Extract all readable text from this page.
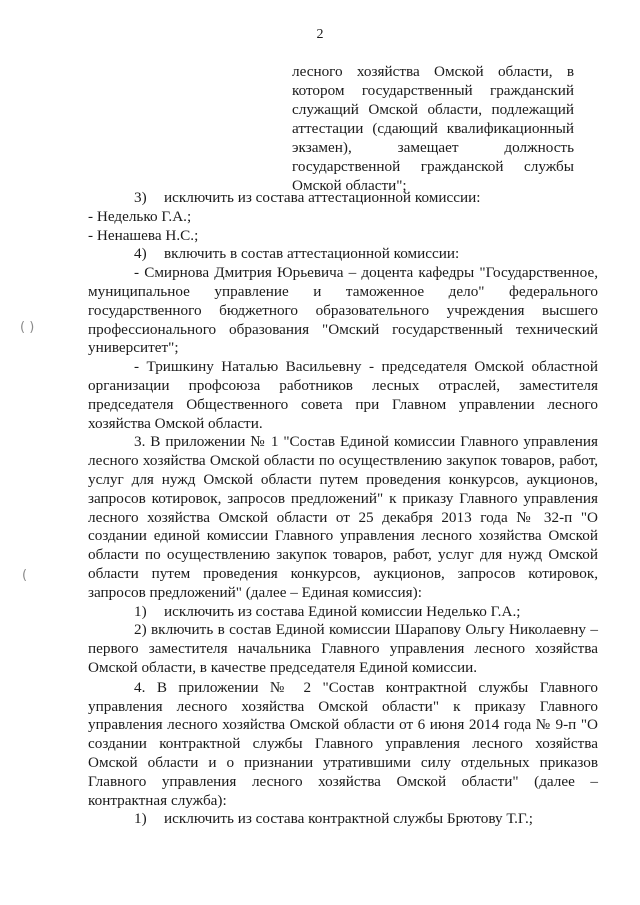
2
лесного хозяйства Омской области, в котором государственный гражданский служащий Омской области, подлежащий аттестации (сдающий квалификационный экзамен), замещает должность государственной гражданской службы Омской области";

3) исключить из состава аттестационной комиссии:

- Неделько Г.А.;

- Ненашева Н.С.;

4) включить в состав аттестационной комиссии:

- Смирнова Дмитрия Юрьевича – доцента кафедры "Государственное, муниципальное управление и таможенное дело" федерального государственного бюджетного образовательного учреждения высшего профессионального образования "Омский государственный технический университет";

- Тришкину Наталью Васильевну - председателя Омской областной организации профсоюза работников лесных отраслей, заместителя председателя Общественного совета при Главном управлении лесного хозяйства Омской области.

3. В приложении № 1 "Состав Единой комиссии Главного управления лесного хозяйства Омской области по осуществлению закупок товаров, работ, услуг для нужд Омской области путем проведения конкурсов, аукционов, запросов котировок, запросов предложений" к приказу Главного управления лесного хозяйства Омской области от 25 декабря 2013 года № 32-п "О создании единой комиссии Главного управления лесного хозяйства Омской области по осуществлению закупок товаров, работ, услуг для нужд Омской области путем проведения конкурсов, аукционов, запросов котировок, запросов предложений" (далее – Единая комиссия):

1) исключить из состава Единой комиссии Неделько Г.А.;

2) включить в состав Единой комиссии Шарапову Ольгу Николаевну – первого заместителя начальника Главного управления лесного хозяйства Омской области, в качестве председателя Единой комиссии.

4. В приложении № 2 "Состав контрактной службы Главного управления лесного хозяйства Омской области" к приказу Главного управления лесного хозяйства Омской области от 6 июня 2014 года № 9-п "О создании контрактной службы Главного управления лесного хозяйства Омской области и о признании утратившими силу отдельных приказов Главного управления лесного хозяйства Омской области" (далее – контрактная служба):

1) исключить из состава контрактной службы Брютову Т.Г.;

( )
(
